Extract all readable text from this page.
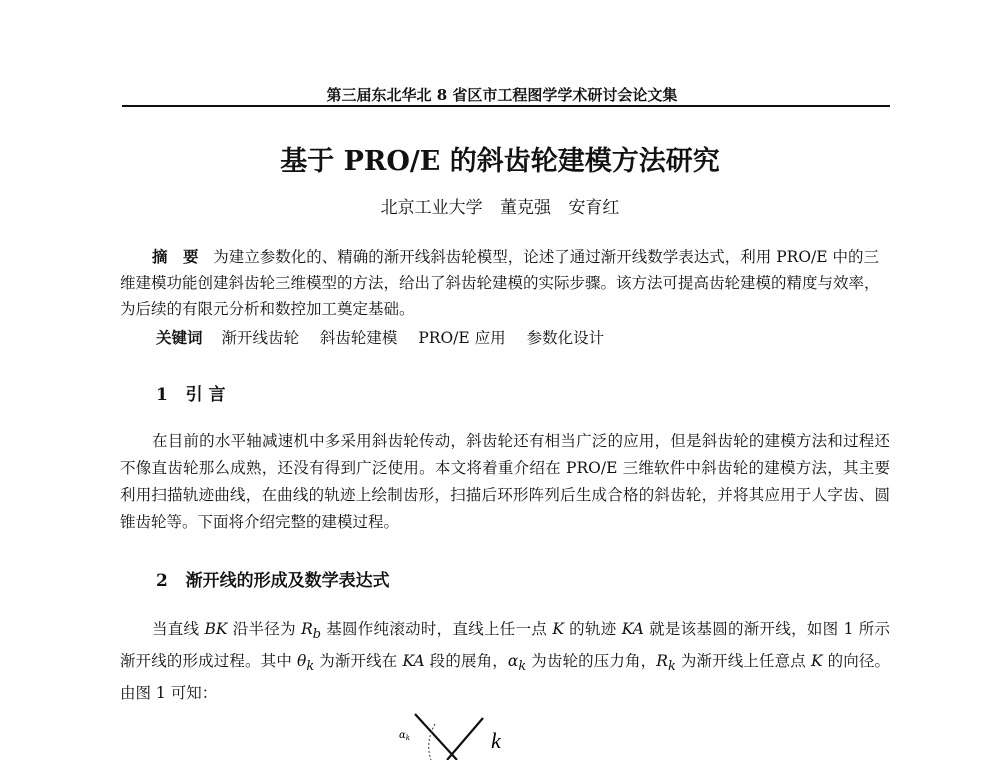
第三届东北华北 8 省区市工程图学学术研讨会论文集
基于 PRO/E 的斜齿轮建模方法研究
北京工业大学 董克强 安育红
摘　要 为建立参数化的、精确的渐开线斜齿轮模型，论述了通过渐开线数学表达式，利用 PRO/E 中的三维建模功能创建斜齿轮三维模型的方法，给出了斜齿轮建模的实际步骤。该方法可提高齿轮建模的精度与效率，为后续的有限元分析和数控加工奠定基础。
关键词 渐开线齿轮 斜齿轮建模 PRO/E 应用 参数化设计
1 引 言
在目前的水平轴减速机中多采用斜齿轮传动，斜齿轮还有相当广泛的应用，但是斜齿轮的建模方法和过程还不像直齿轮那么成熟，还没有得到广泛使用。本文将着重介绍在 PRO/E 三维软件中斜齿轮的建模方法，其主要利用扫描轨迹曲线，在曲线的轨迹上绘制齿形，扫描后环形阵列后生成合格的斜齿轮，并将其应用于人字齿、圆锥齿轮等。下面将介绍完整的建模过程。
2 渐开线的形成及数学表达式
当直线 BK 沿半径为 $R_b$ 基圆作纯滚动时，直线上任一点 K 的轨迹 KA 就是该基圆的渐开线，如图 1 所示渐开线的形成过程。其中 $\theta_k$ 为渐开线在 KA 段的展角，$\alpha_k$ 为齿轮的压力角，$R_k$ 为渐开线上任意点 K 的向径。由图 1 可知：
$\alpha_k$	k
